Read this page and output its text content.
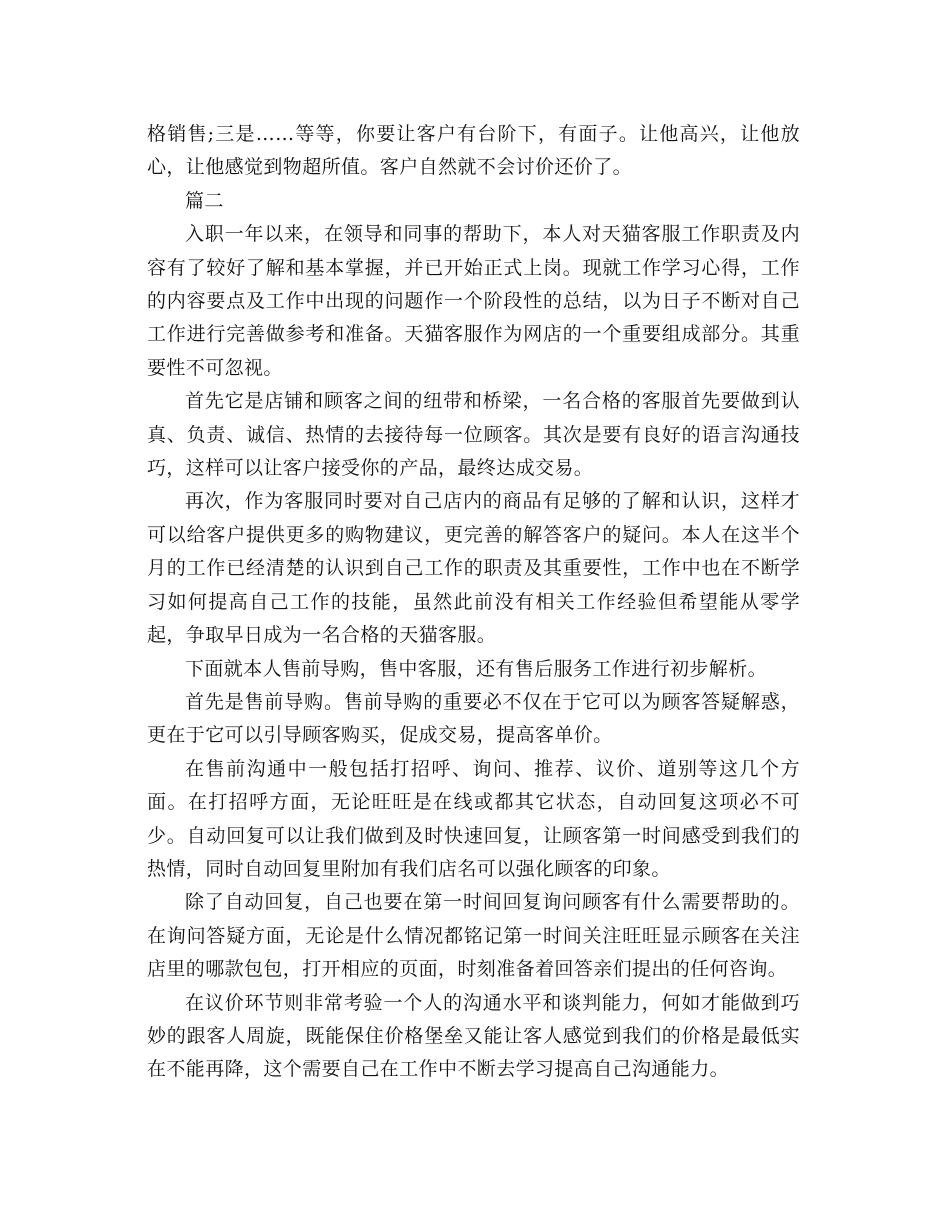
格销售;三是……等等，你要让客户有台阶下，有面子。让他高兴，让他放心，让他感觉到物超所值。客户自然就不会讨价还价了。

篇二

入职一年以来，在领导和同事的帮助下，本人对天猫客服工作职责及内容有了较好了解和基本掌握，并已开始正式上岗。现就工作学习心得，工作的内容要点及工作中出现的问题作一个阶段性的总结，以为日子不断对自己工作进行完善做参考和准备。天猫客服作为网店的一个重要组成部分。其重要性不可忽视。

首先它是店铺和顾客之间的纽带和桥梁，一名合格的客服首先要做到认真、负责、诚信、热情的去接待每一位顾客。其次是要有良好的语言沟通技巧，这样可以让客户接受你的产品，最终达成交易。

再次，作为客服同时要对自己店内的商品有足够的了解和认识，这样才可以给客户提供更多的购物建议，更完善的解答客户的疑问。本人在这半个月的工作已经清楚的认识到自己工作的职责及其重要性，工作中也在不断学习如何提高自己工作的技能，虽然此前没有相关工作经验但希望能从零学起，争取早日成为一名合格的天猫客服。

下面就本人售前导购，售中客服，还有售后服务工作进行初步解析。

首先是售前导购。售前导购的重要必不仅在于它可以为顾客答疑解惑，更在于它可以引导顾客购买，促成交易，提高客单价。

在售前沟通中一般包括打招呼、询问、推荐、议价、道别等这几个方面。在打招呼方面，无论旺旺是在线或都其它状态，自动回复这项必不可少。自动回复可以让我们做到及时快速回复，让顾客第一时间感受到我们的热情，同时自动回复里附加有我们店名可以强化顾客的印象。

除了自动回复，自己也要在第一时间回复询问顾客有什么需要帮助的。在询问答疑方面，无论是什么情况都铭记第一时间关注旺旺显示顾客在关注店里的哪款包包，打开相应的页面，时刻准备着回答亲们提出的任何咨询。

在议价环节则非常考验一个人的沟通水平和谈判能力，何如才能做到巧妙的跟客人周旋，既能保住价格堡垒又能让客人感觉到我们的价格是最低实在不能再降，这个需要自己在工作中不断去学习提高自己沟通能力。
